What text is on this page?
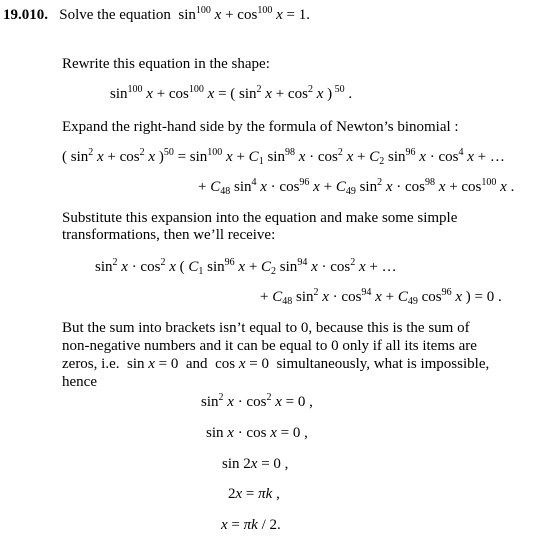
19.010. Solve the equation  $\sin^{100} x + \cos^{100} x = 1$.
Rewrite this equation in the shape:
$\sin^{100} x + \cos^{100} x$ = ( $\sin^2 x + \cos^2 x$ ) $^{50}$ .
Expand the right-hand side by the formula of Newton’s binomial :
( $\sin^2 x + \cos^2 x$ )$^{50} = \sin^{100} x + C_1$ $\sin^{98} x \cdot \cos^2 x + C_2$ $\sin^{96} x \cdot \cos^4 x$ + …
+ $C_{48}$ $\sin^4 x \cdot \cos^{96} x + C_{49}$ $\sin^2 x \cdot \cos^{98} x + \cos^{100} x$ .
Substitute this expansion into the equation and make some simple
transformations, then we’ll receive:
$\sin^2 x \cdot \cos^2 x$ ( $C_1$ $\sin^{96} x + C_2$ $\sin^{94} x \cdot \cos^2 x$ + …
+ $C_{48}$ $\sin^2 x \cdot \cos^{94} x + C_{49}$ $\cos^{96} x$ ) = 0 .
But the sum into brackets isn’t equal to 0, because this is the sum of
non-negative numbers and it can be equal to 0 only if all its items are
zeros, i.e.  sin x = 0  and  cos x = 0  simultaneously, what is impossible,
hence
$\sin^2 x \cdot \cos^2 x = 0$ ,
sin x · cos x = 0 ,
sin 2x = 0 ,
2x = πk ,
x = πk / 2.
